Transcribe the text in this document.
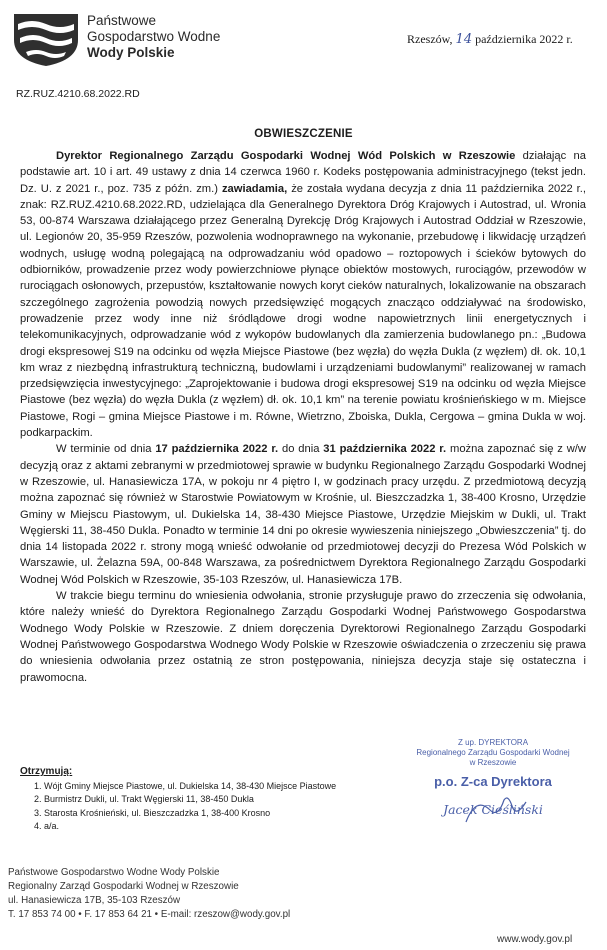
Państwowe
Gospodarstwo Wodne
Wody Polskie
Rzeszów, 14 października 2022 r.
RZ.RUZ.4210.68.2022.RD
OBWIESZCZENIE

Dyrektor Regionalnego Zarządu Gospodarki Wodnej Wód Polskich w Rzeszowie działając na podstawie art. 10 i art. 49 ustawy z dnia 14 czerwca 1960 r. Kodeks postępowania administracyjnego (tekst jedn. Dz. U. z 2021 r., poz. 735 z późn. zm.) zawiadamia, że została wydana decyzja z dnia 11 października 2022 r., znak: RZ.RUZ.4210.68.2022.RD, udzielająca dla Generalnego Dyrektora Dróg Krajowych i Autostrad, ul. Wronia 53, 00-874 Warszawa działającego przez Generalną Dyrekcję Dróg Krajowych i Autostrad Oddział w Rzeszowie, ul. Legionów 20, 35-959 Rzeszów, pozwolenia wodnoprawnego na wykonanie, przebudowę i likwidację urządzeń wodnych, usługę wodną polegającą na odprowadzaniu wód opadowo – roztopowych i ścieków bytowych do odbiorników, prowadzenie przez wody powierzchniowe płynące obiektów mostowych, rurociągów, przewodów w rurociągach osłonowych, przepustów, kształtowanie nowych koryt cieków naturalnych, lokalizowanie na obszarach szczególnego zagrożenia powodzią nowych przedsięwzięć mogących znacząco oddziaływać na środowisko, prowadzenie przez wody inne niż śródlądowe drogi wodne napowietrznych linii energetycznych i telekomunikacyjnych, odprowadzanie wód z wykopów budowlanych dla zamierzenia budowlanego pn.: „Budowa drogi ekspresowej S19 na odcinku od węzła Miejsce Piastowe (bez węzła) do węzła Dukla (z węzłem) dł. ok. 10,1 km wraz z niezbędną infrastrukturą techniczną, budowlami i urządzeniami budowlanymi” realizowanej w ramach przedsięwzięcia inwestycyjnego: „Zaprojektowanie i budowa drogi ekspresowej S19 na odcinku od węzła Miejsce Piastowe (bez węzła) do węzła Dukla (z węzłem) dł. ok. 10,1 km” na terenie powiatu krośnieńskiego w m. Miejsce Piastowe, Rogi – gmina Miejsce Piastowe i m. Równe, Wietrzno, Zboiska, Dukla, Cergowa – gmina Dukla w woj. podkarpackim.

W terminie od dnia 17 października 2022 r. do dnia 31 października 2022 r. można zapoznać się z w/w decyzją oraz z aktami zebranymi w przedmiotowej sprawie w budynku Regionalnego Zarządu Gospodarki Wodnej w Rzeszowie, ul. Hanasiewicza 17A, w pokoju nr 4 piętro I, w godzinach pracy urzędu. Z przedmiotową decyzją można zapoznać się również w Starostwie Powiatowym w Krośnie, ul. Bieszczadzka 1, 38-400 Krosno, Urzędzie Gminy w Miejscu Piastowym, ul. Dukielska 14, 38-430 Miejsce Piastowe, Urzędzie Miejskim w Dukli, ul. Trakt Węgierski 11, 38-450 Dukla. Ponadto w terminie 14 dni po okresie wywieszenia niniejszego „Obwieszczenia” tj. do dnia 14 listopada 2022 r. strony mogą wnieść odwołanie od przedmiotowej decyzji do Prezesa Wód Polskich w Warszawie, ul. Żelazna 59A, 00-848 Warszawa, za pośrednictwem Dyrektora Regionalnego Zarządu Gospodarki Wodnej Wód Polskich w Rzeszowie, 35-103 Rzeszów, ul. Hanasiewicza 17B.

W trakcie biegu terminu do wniesienia odwołania, stronie przysługuje prawo do zrzeczenia się odwołania, które należy wnieść do Dyrektora Regionalnego Zarządu Gospodarki Wodnej Państwowego Gospodarstwa Wodnego Wody Polskie w Rzeszowie. Z dniem doręczenia Dyrektorowi Regionalnego Zarządu Gospodarki Wodnej Państwowego Gospodarstwa Wodnego Wody Polskie w Rzeszowie oświadczenia o zrzeczeniu się prawa do wniesienia odwołania przez ostatnią ze stron postępowania, niniejsza decyzja staje się ostateczna i prawomocna.

Otrzymują:
1. Wójt Gminy Miejsce Piastowe, ul. Dukielska 14, 38-430 Miejsce Piastowe
2. Burmistrz Dukli, ul. Trakt Węgierski 11, 38-450 Dukla
3. Starosta Krośnieński, ul. Bieszczadzka 1, 38-400 Krosno
4. a/a.
Z up. DYREKTORA
Regionalnego Zarządu Gospodarki Wodnej
w Rzeszowie
p.o. Z-ca Dyrektora
Jacek Cieśliński
Państwowe Gospodarstwo Wodne Wody Polskie
Regionalny Zarząd Gospodarki Wodnej w Rzeszowie
ul. Hanasiewicza 17B, 35-103 Rzeszów
T. 17 853 74 00 • F. 17 853 64 21 • E-mail: rzeszow@wody.gov.pl
www.wody.gov.pl
